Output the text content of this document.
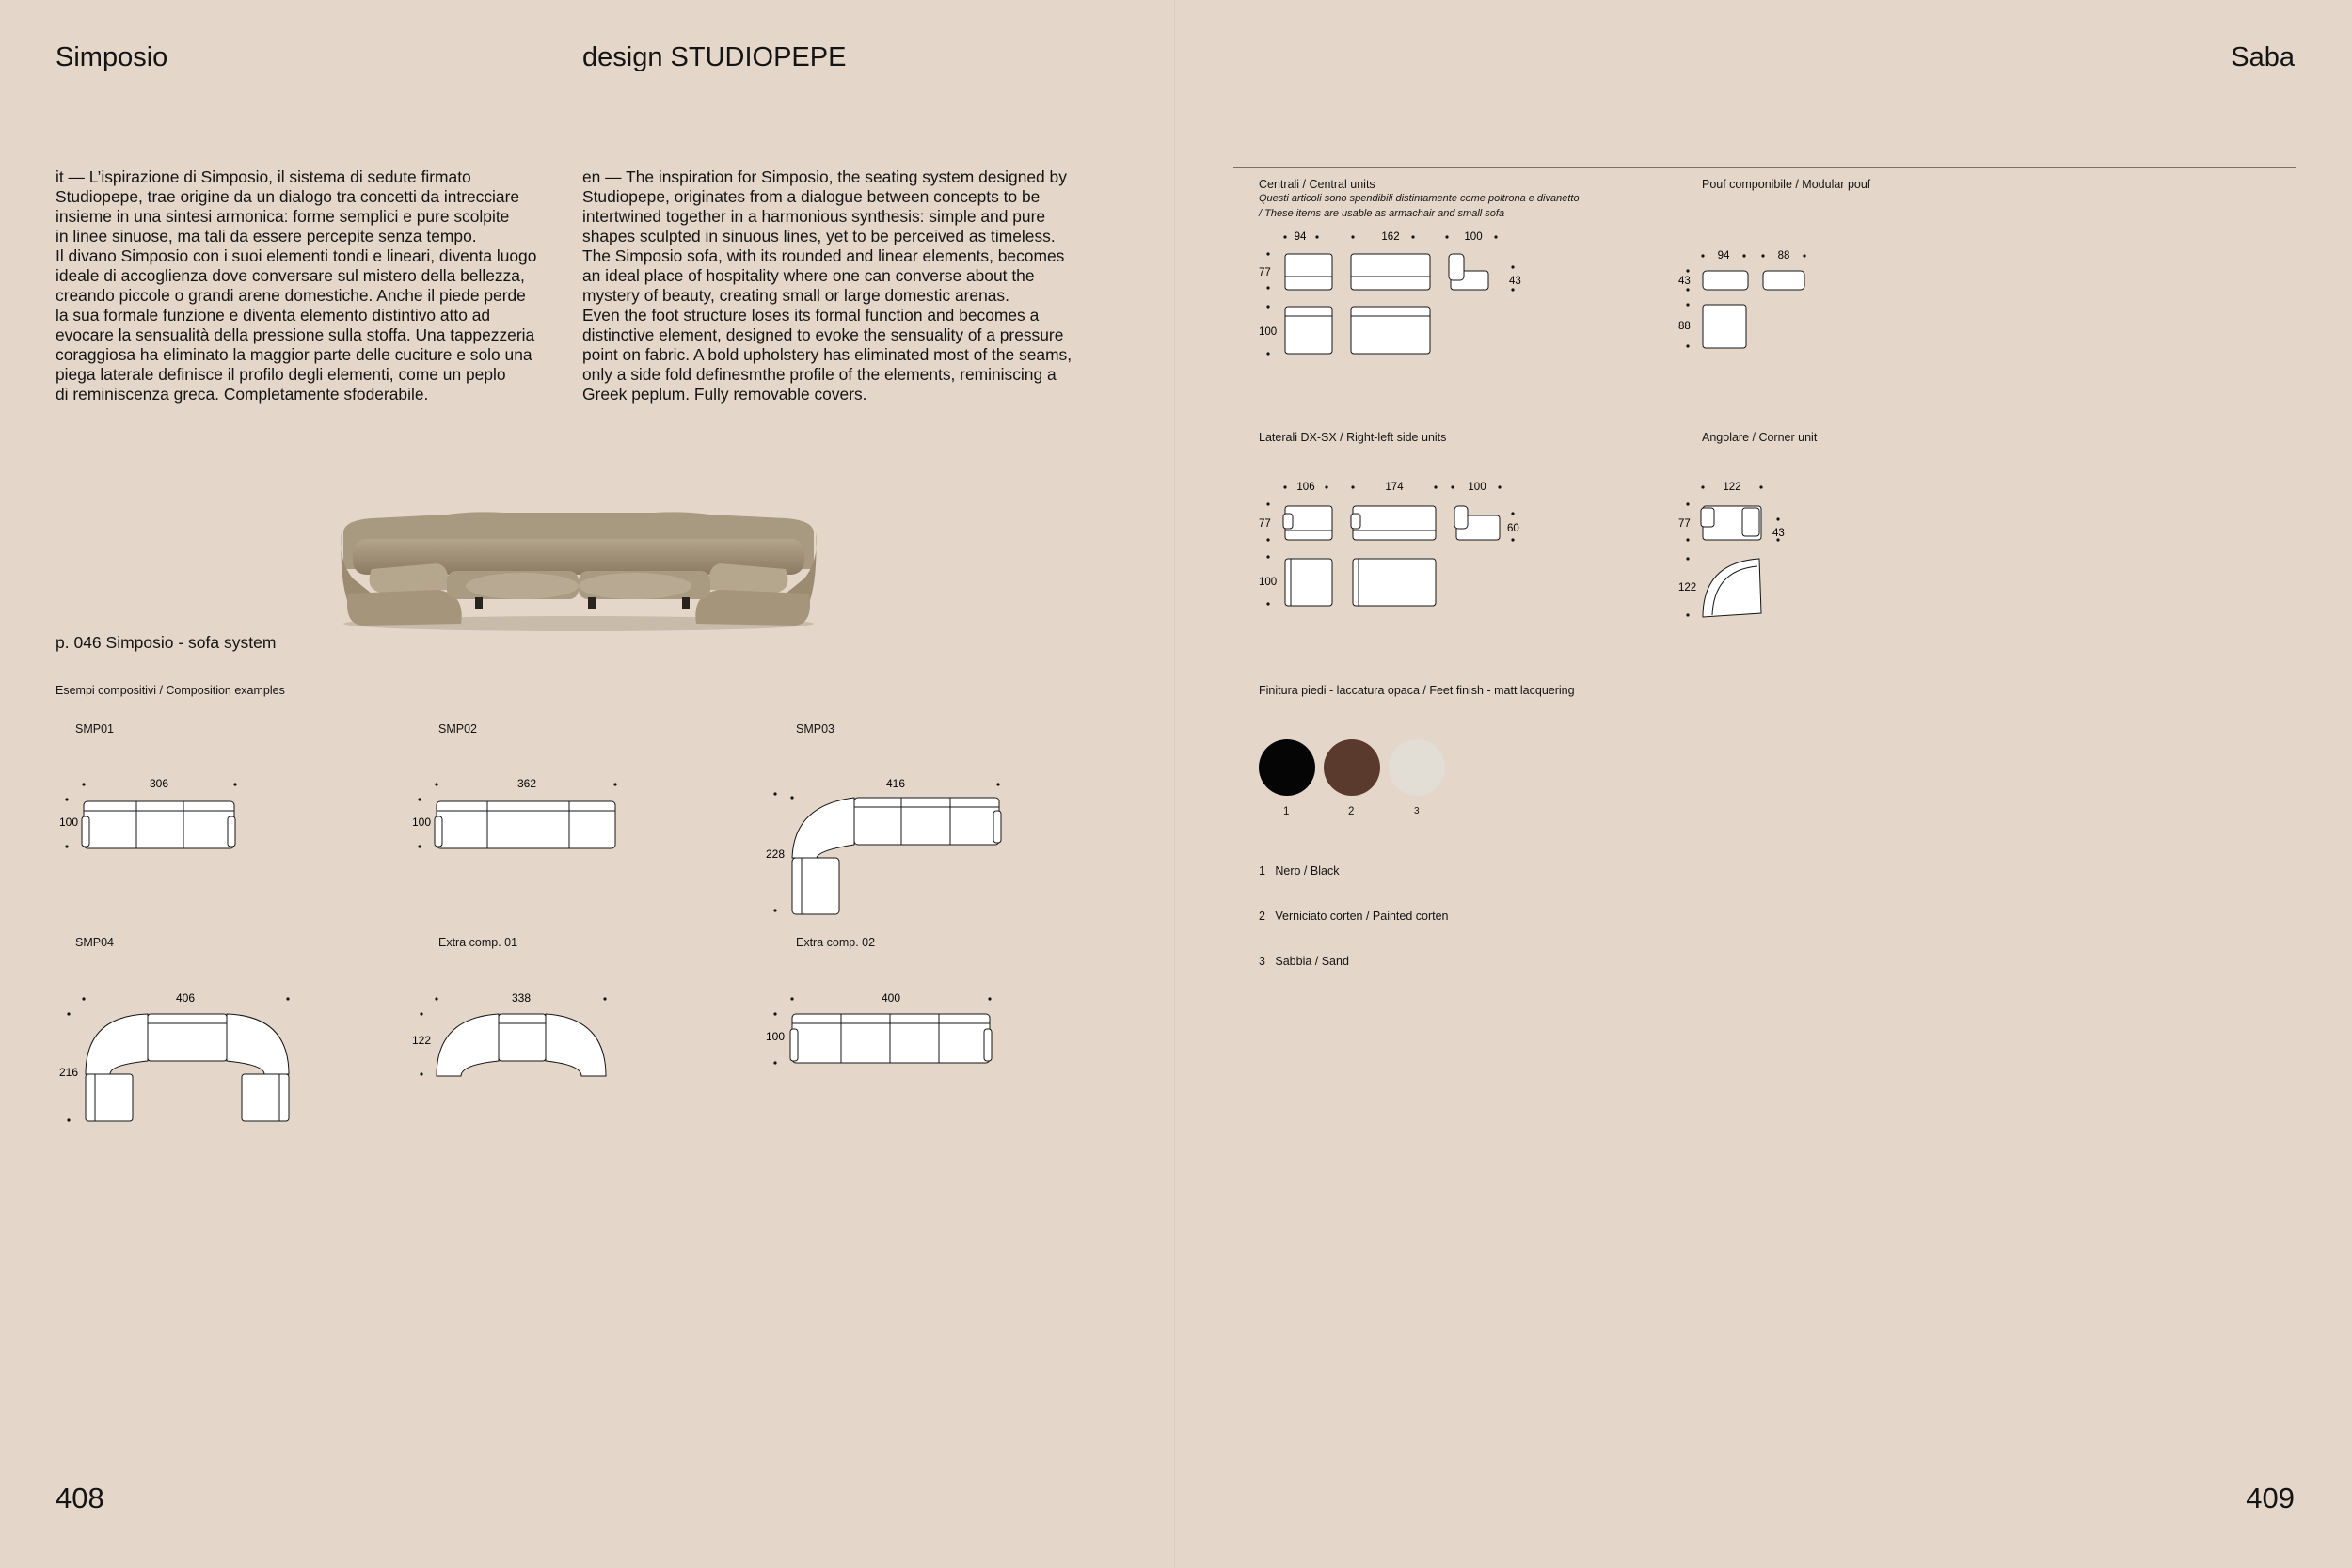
Simposio	design STUDIOPEPE	Saba

it — L’ispirazione di Simposio, il sistema di sedute firmato

Studiopepe, trae origine da un dialogo tra concetti da intrecciare

insieme in una sintesi armonica: forme semplici e pure scolpite

in linee sinuose, ma tali da essere percepite senza tempo.

Il divano Simposio con i suoi elementi tondi e lineari, diventa luogo

ideale di accoglienza dove conversare sul mistero della bellezza,

creando piccole o grandi arene domestiche. Anche il piede perde

la sua formale funzione e diventa elemento distintivo atto ad

evocare la sensualità della pressione sulla stoffa. Una tappezzeria

coraggiosa ha eliminato la maggior parte delle cuciture e solo una

piega laterale definisce il profilo degli elementi, come un peplo

di reminiscenza greca. Completamente sfoderabile.

en — The inspiration for Simposio, the seating system designed by

Studiopepe, originates from a dialogue between concepts to be

intertwined together in a harmonious synthesis: simple and pure

shapes sculpted in sinuous lines, yet to be perceived as timeless.

The Simposio sofa, with its rounded and linear elements, becomes

an ideal place of hospitality where one can converse about the

mystery of beauty, creating small or large domestic arenas.

Even the foot structure loses its formal function and becomes a

distinctive element, designed to evoke the sensuality of a pressure

point on fabric. A bold upholstery has eliminated most of the seams,

only a side fold definesmthe profile of the elements, reminiscing a

Greek peplum. Fully removable covers.

p. 046 Simposio - sofa system
Esempi compositivi / Composition examples
SMP01	SMP02	SMP03
SMP04	Extra comp. 01	Extra comp. 02
306
100
362
100
416
228
406
216
338
122
400
100
Centrali / Central units
Questi articoli sono spendibili distintamente come poltrona e divanetto
/ These items are usable as armachair and small sofa
94	162	100
77
100
43
Pouf componibile / Modular pouf
94	88
43
88
Laterali DX-SX / Right-left side units
106	174	100
77
100
60
Angolare / Corner unit
122
77
43
122
Finitura piedi - laccatura opaca / Feet finish - matt lacquering
1	2	3

1   Nero / Black

2   Verniciato corten / Painted corten

3   Sabbia / Sand

408	409
